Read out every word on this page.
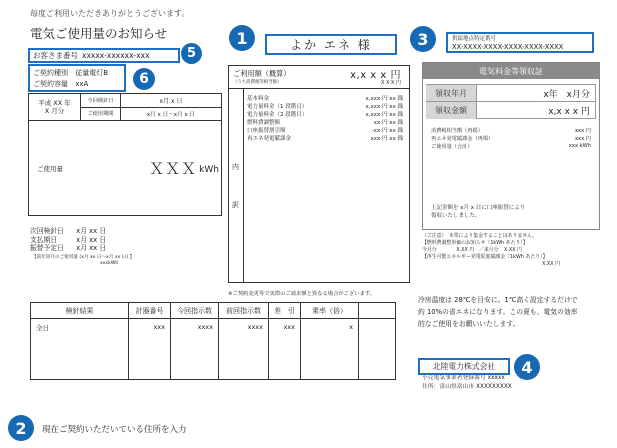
毎度ご利用いただきありがとうございます。
電気ご使用量のお知らせ
お客さま番号 xxxxx-xxxxxx-xxx	5
ご契約種別 従量電灯B
ご契約容量 xxA	6
1	よか エネ 様	3	供給地点特定番号
XX-XXXX-XXXX-XXXX-XXXX-XXXX
平成 XX 年
X 月分
今回検針日	x月 x 日
ご使用期間	x月 x 日～x月 x 日
ご使用量	ＸＸＸ kWh
次回検針日 x月 xx 日
支払期日	x月 xx 日
振替予定日 x月 xx 日
【前年同月のご使用量 (x月 xx 日～x月 xx 日) 】
xxxkWh
ご利用額（概算）	x,x x x 円
（うち消費税等相当額）	X X X 円
内
訳
基本料金	x,xxx 円 xx 銭
電力量料金（1 段階目）	x,xxx 円 xx 銭
電力量料金（2 段階目）	x,xxx 円 xx 銭
燃料費調整額	xx 円 xx 銭
口座振替割引額	-xx 円 xx 銭
再エネ発電賦課金	xxx 円 xx 銭
※ご契約変更等で実際のご請求額と異なる場合がございます。
電気料金等領収証
領収年月	x年　x月分
領収金額	x,x x x 円
消費税相当額（再掲）	xxx 円
再エネ発電賦課金（再掲）	xxx 円
ご使用量（合計）	xxx kWh
上記金額を x月 x 日に口座振替により
領収いたしました。
（ご注意）　本票により集金することはありません。
【燃料費調整単価のお知らせ（1kWh あたり）】
今月分	X.XX 円 ／来月分 X.XX 円
【再生可能エネルギー発電促進賦課金（1kWh あたり）】
X.XX 円
検針結果	計器番号	今回指示数	前回指示数	差　引	乗率（倍）
全日	xxx	xxxx	xxxx	xxx	x
冷房温度は 28℃を目安に。1℃高く設定するだけで
約 10%の省エネになります。この夏も、電気の効率
的なご使用をお願いいたします。
小売電気事業者登録番号 xxxxx
住所：富山県富山市 XXXXXXXXX
北陸電力株式会社	4
2	現在ご契約いただいている住所を入力
